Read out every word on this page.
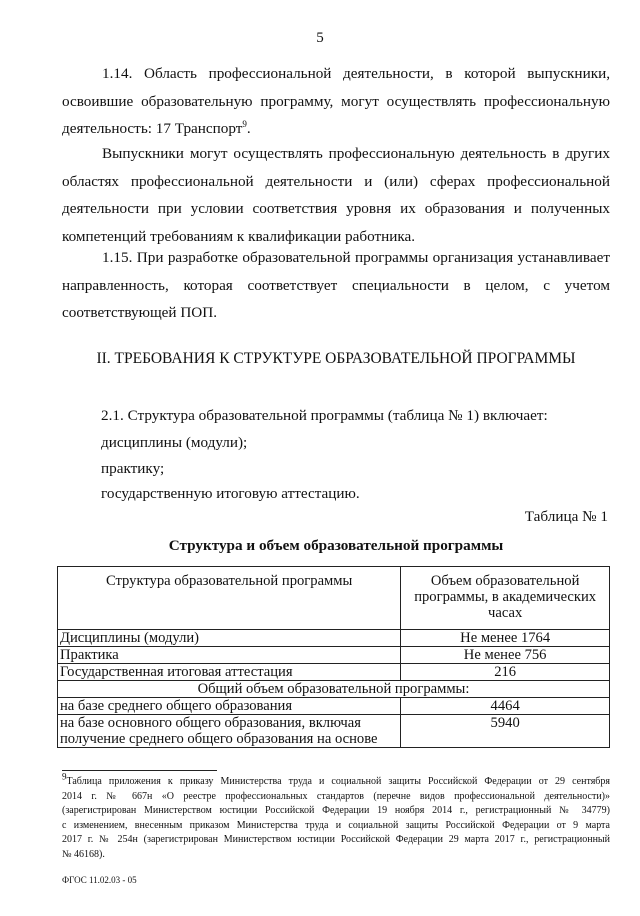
5
1.14. Область профессиональной деятельности, в которой выпускники,
освоившие образовательную программу, могут осуществлять профессиональную
деятельность: 17 Транспорт$^9$.
Выпускники могут осуществлять профессиональную деятельность в других
областях профессиональной деятельности и (или) сферах профессиональной
деятельности при условии соответствия уровня их образования и полученных
компетенций требованиям к квалификации работника.
1.15. При разработке образовательной программы организация устанавливает
направленность, которая соответствует специальности в целом, с учетом
соответствующей ПОП.
II. ТРЕБОВАНИЯ К СТРУКТУРЕ ОБРАЗОВАТЕЛЬНОЙ ПРОГРАММЫ
2.1. Структура образовательной программы (таблица № 1) включает:
дисциплины (модули);
практику;
государственную итоговую аттестацию.
Таблица № 1
Структура и объем образовательной программы
Структура образовательной программы	Объем образовательной программы, в академических часах
Дисциплины (модули)	Не менее 1764
Практика	Не менее 756
Государственная итоговая аттестация	216
Общий объем образовательной программы:	
на базе среднего общего образования	4464
на базе основного общего образования, включая получение среднего общего образования на основе	5940
$^9$Таблица приложения к приказу Министерства труда и социальной защиты Российской Федерации от 29 сентября
2014 г. № 667н «О реестре профессиональных стандартов (перечне видов профессиональной деятельности)»
(зарегистрирован Министерством юстиции Российской Федерации 19 ноября 2014 г., регистрационный № 34779)
с изменением, внесенным приказом Министерства труда и социальной защиты Российской Федерации от 9 марта
2017 г. № 254н (зарегистрирован Министерством юстиции Российской Федерации 29 марта 2017 г., регистрационный
№ 46168).
ФГОС 11.02.03 - 05
